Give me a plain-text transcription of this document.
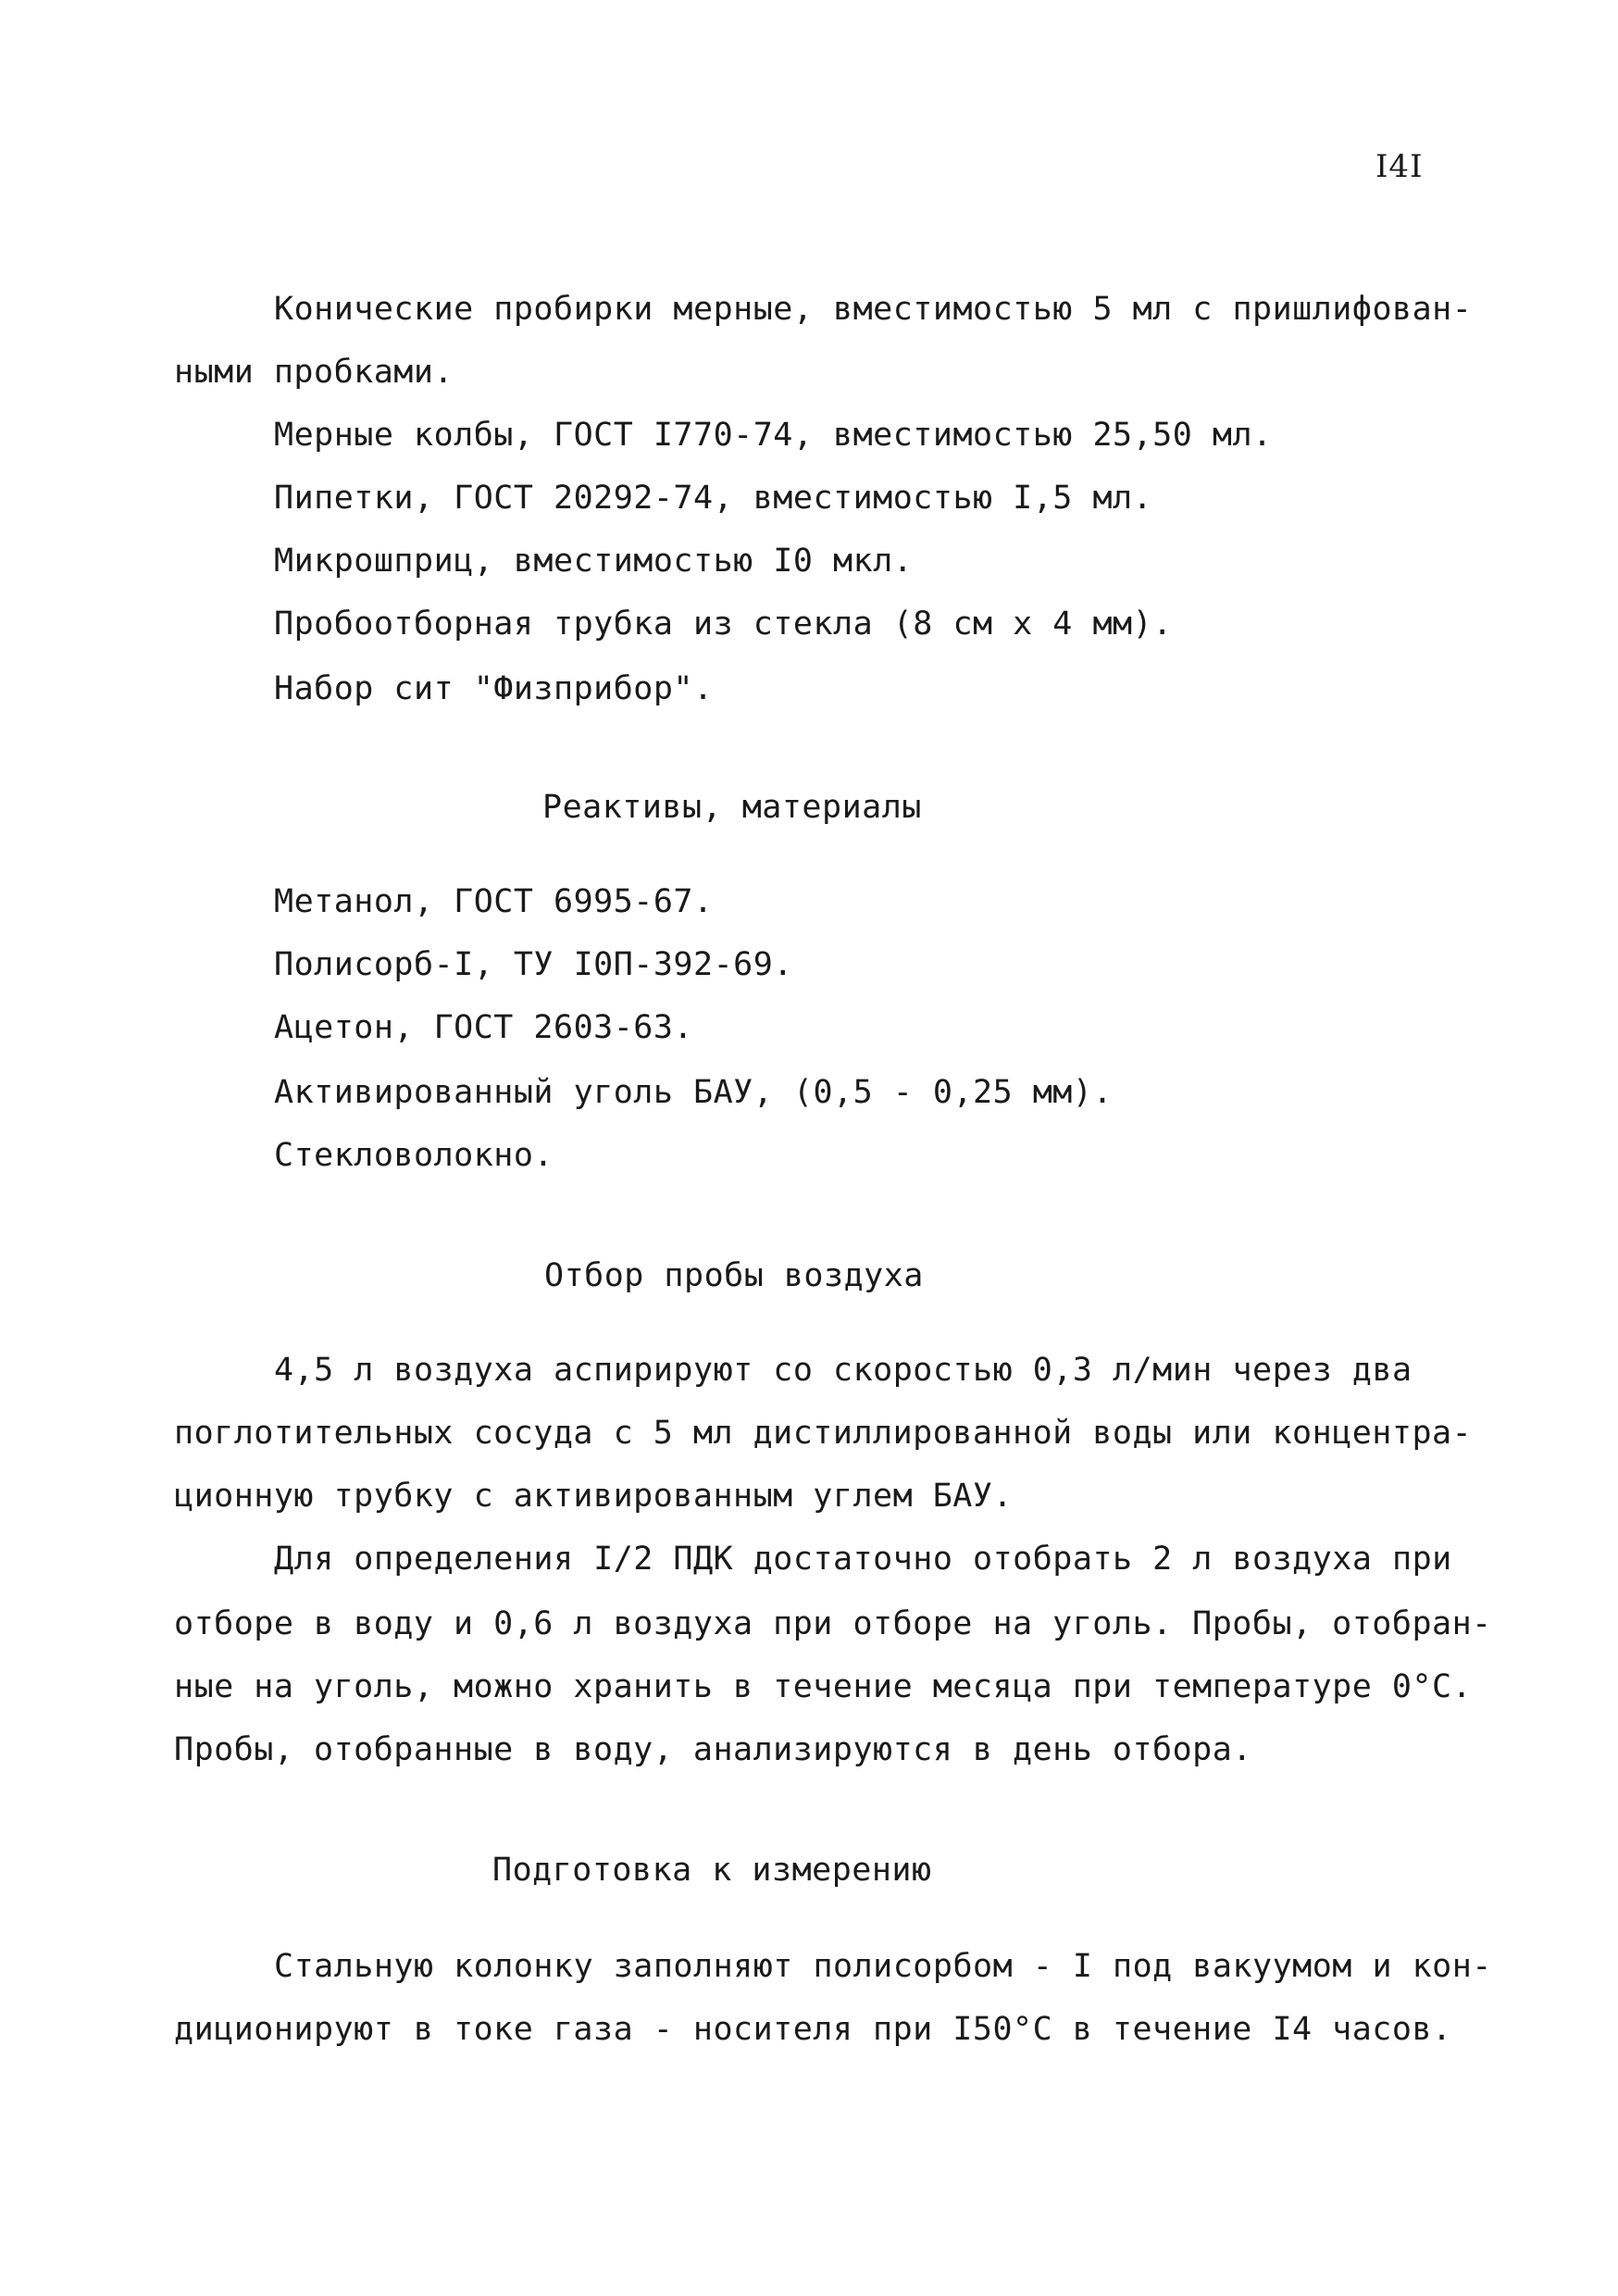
I4I
Конические пробирки мерные, вместимостью 5 мл с пришлифован-
ными пробками.
Мерные колбы, ГОСТ I770-74, вместимостью 25,50 мл.
Пипетки, ГОСТ 20292-74, вместимостью I,5 мл.
Микрошприц, вместимостью I0 мкл.
Пробоотборная трубка из стекла (8 см х 4 мм).
Набор сит "Физприбор".
Реактивы, материалы
Метанол, ГОСТ 6995-67.
Полисорб-I, ТУ I0П-392-69.
Ацетон, ГОСТ 2603-63.
Активированный уголь БАУ, (0,5 - 0,25 мм).
Стекловолокно.
Отбор пробы воздуха
4,5 л воздуха аспирируют со скоростью 0,3 л/мин через два
поглотительных сосуда с 5 мл дистиллированной воды или концентра-
ционную трубку с активированным углем БАУ.
Для определения I/2 ПДК достаточно отобрать 2 л воздуха при
отборе в воду и 0,6 л воздуха при отборе на уголь. Пробы, отобран-
ные на уголь, можно хранить в течение месяца при температуре 0°С.
Пробы, отобранные в воду, анализируются в день отбора.
Подготовка к измерению
Стальную колонку заполняют полисорбом - I под вакуумом и кон-
диционируют в токе газа - носителя при I50°С в течение I4 часов.
